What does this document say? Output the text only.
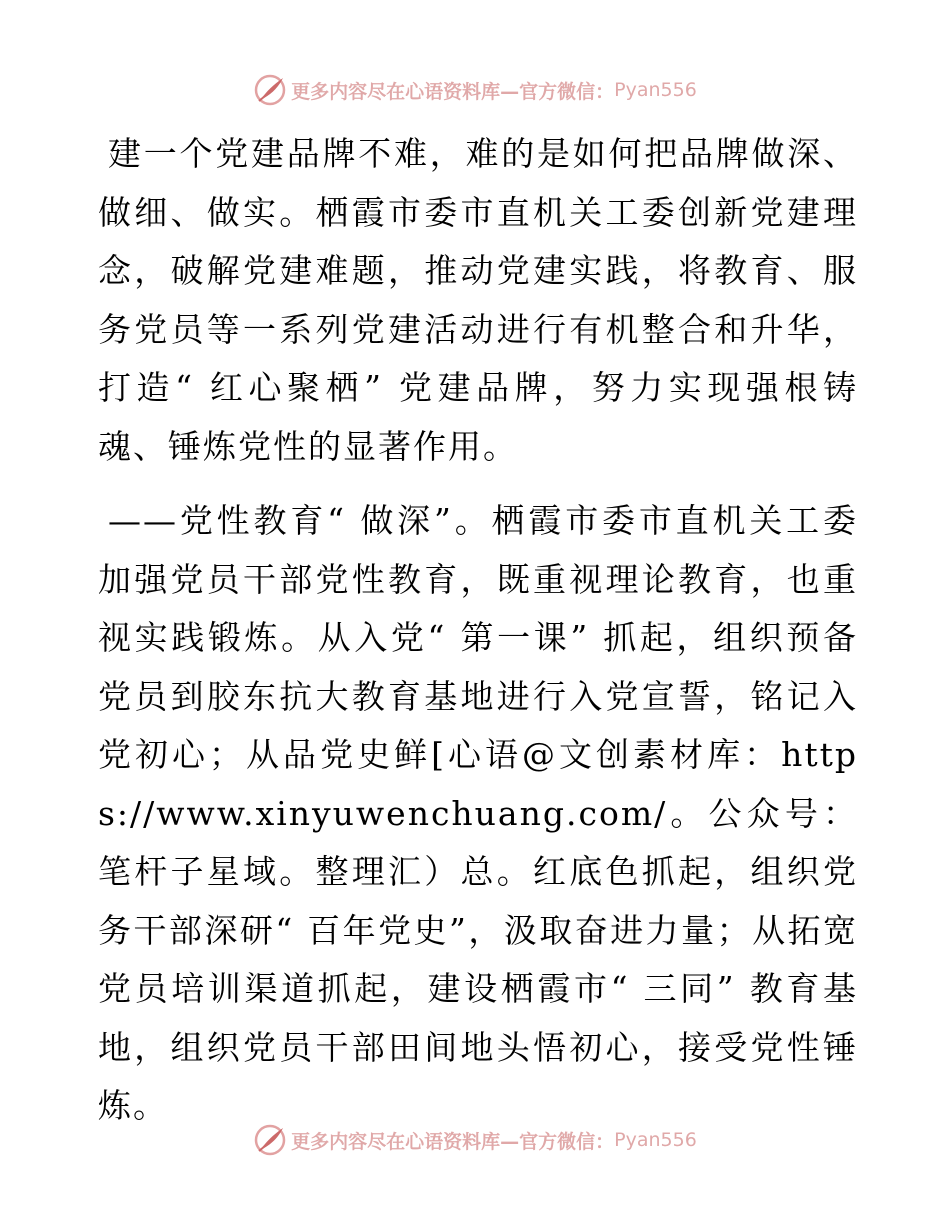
更多内容尽在心语资料库—官方微信： Pyan556

建一个党建品牌不难，难的是如何把品牌做深、做细、做实。栖霞市委市直机关工委创新党建理念，破解党建难题，推动党建实践，将教育、服务党员等一系列党建活动进行有机整合和升华，打造“ 红心聚栖” 党建品牌，努力实现强根铸魂、锤炼党性的显著作用。

——党性教育“ 做深”。栖霞市委市直机关工委加强党员干部党性教育，既重视理论教育，也重视实践锻炼。从入党“ 第一课” 抓起，组织预备党员到胶东抗大教育基地进行入党宣誓，铭记入党初心；从品党史鲜[心语@文创素材库：https://www.xinyuwenchuang.com/。公众号：笔杆子星域。整理汇）总。红底色抓起，组织党务干部深研“ 百年党史”，汲取奋进力量；从拓宽党员培训渠道抓起，建设栖霞市“ 三同” 教育基地，组织党员干部田间地头悟初心，接受党性锤炼。

更多内容尽在心语资料库—官方微信： Pyan556
